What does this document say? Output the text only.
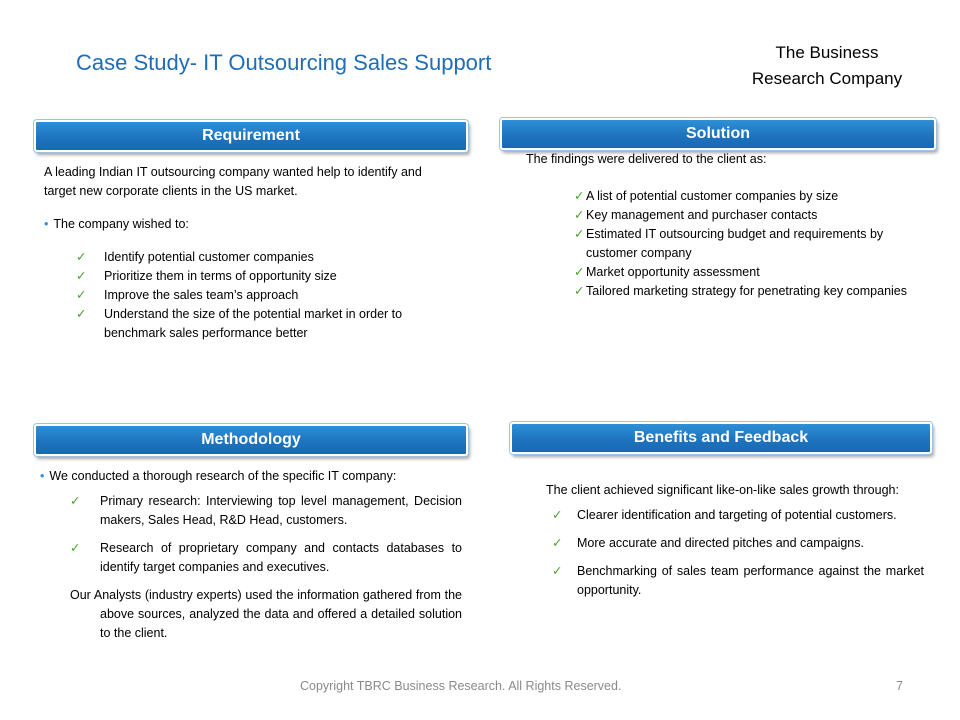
Case Study- IT Outsourcing Sales Support	The Business
Research Company
Requirement

A leading Indian IT outsourcing company wanted help to identify and target new corporate clients in the US market.

• The company wished to:

✓ Identify potential customer companies
✓ Prioritize them in terms of opportunity size
✓ Improve the sales team’s approach
✓ Understand the size of the potential market in order to benchmark sales performance better
Solution

The findings were delivered to the client as:

✓ A list of potential customer companies by size
✓ Key management and purchaser contacts
✓ Estimated IT outsourcing budget and requirements by customer company
✓ Market opportunity assessment
✓ Tailored marketing strategy for penetrating key companies
Methodology

• We conducted a thorough research of the specific IT company:

✓ Primary research: Interviewing top level management, Decision makers, Sales Head, R&D Head, customers.
✓ Research of proprietary company and contacts databases to identify target companies and executives.

Our Analysts (industry experts) used the information gathered from the above sources, analyzed the data and offered a detailed solution to the client.

Benefits and Feedback

The client achieved significant like-on-like sales growth through:

✓ Clearer identification and targeting of potential customers.
✓ More accurate and directed pitches and campaigns.
✓ Benchmarking of sales team performance against the market opportunity.
Copyright TBRC Business Research. All Rights Reserved.	7
